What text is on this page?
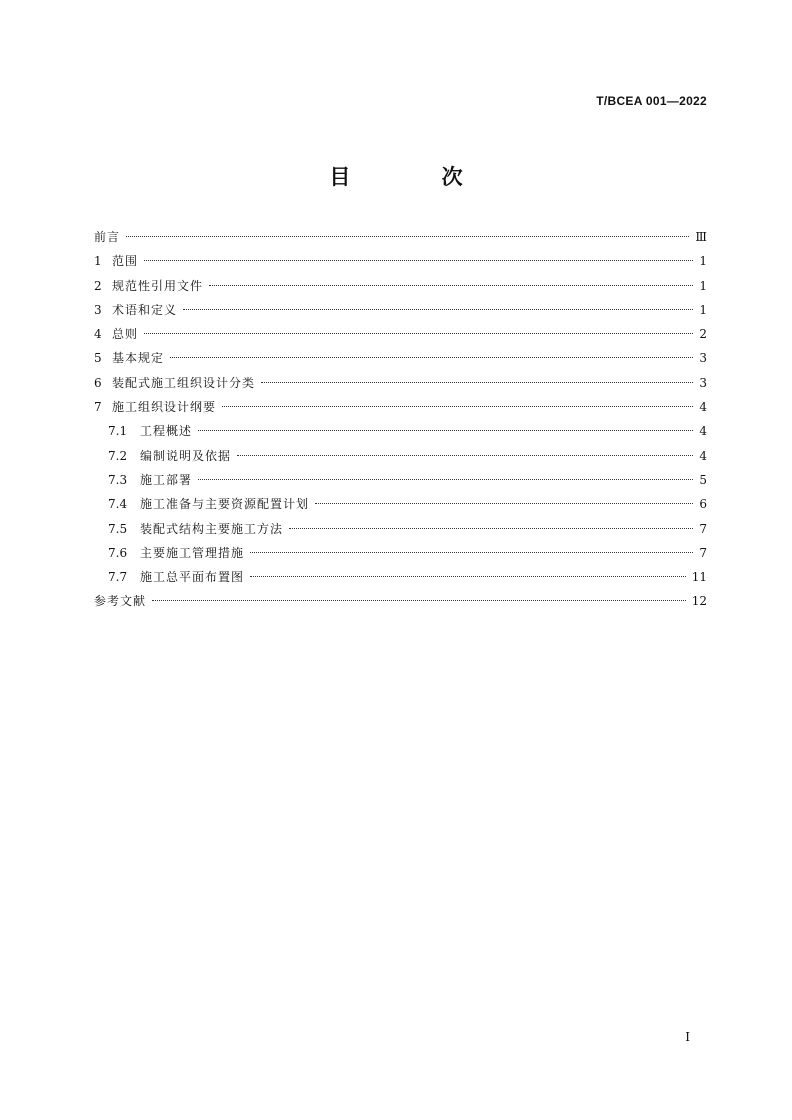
T/BCEA 001—2022
目 次
前言	Ⅲ
1 范围	1
2 规范性引用文件	1
3 术语和定义	1
4 总则	2
5 基本规定	3
6 装配式施工组织设计分类	3
7 施工组织设计纲要	4
7.1	工程概述	4
7.2	编制说明及依据	4
7.3	施工部署	5
7.4	施工准备与主要资源配置计划	6
7.5	装配式结构主要施工方法	7
7.6	主要施工管理措施	7
7.7	施工总平面布置图	11
参考文献	12
I
